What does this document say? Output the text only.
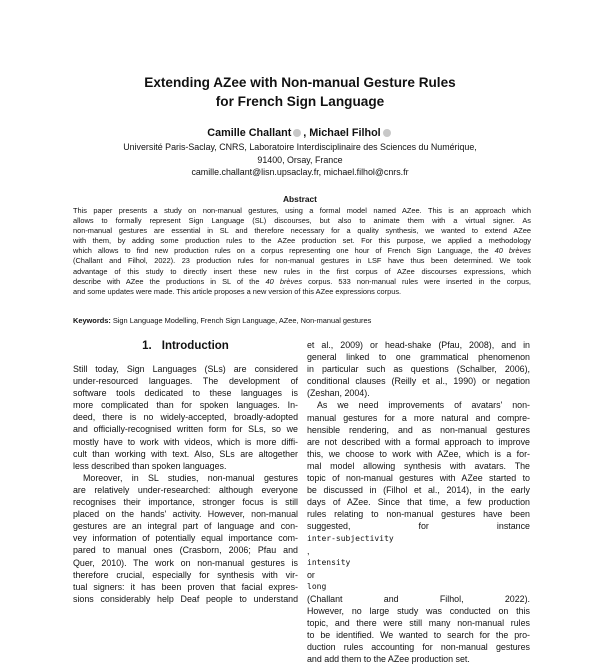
Extending AZee with Non-manual Gesture Rules
for French Sign Language
Camille Challant , Michael Filhol
Université Paris-Saclay, CNRS, Laboratoire Interdisciplinaire des Sciences du Numérique,
91400, Orsay, France
camille.challant@lisn.upsaclay.fr, michael.filhol@cnrs.fr
Abstract
This paper presents a study on non-manual gestures, using a formal model named AZee. This is an approach which
allows to formally represent Sign Language (SL) discourses, but also to animate them with a virtual signer. As
non-manual gestures are essential in SL and therefore necessary for a quality synthesis, we wanted to extend AZee
with them, by adding some production rules to the AZee production set. For this purpose, we applied a methodology
which allows to find new production rules on a corpus representing one hour of French Sign Language, the 40 brèves
(Challant and Filhol, 2022). 23 production rules for non-manual gestures in LSF have thus been determined. We took
advantage of this study to directly insert these new rules in the first corpus of AZee discourses expressions, which
describe with AZee the productions in SL of the 40 brèves corpus. 533 non-manual rules were inserted in the corpus,
and some updates were made. This article proposes a new version of this AZee expressions corpus.
Keywords: Sign Language Modelling, French Sign Language, AZee, Non-manual gestures
1. Introduction
Still today, Sign Languages (SLs) are considered
under-resourced languages. The development of
software tools dedicated to these languages is
more complicated than for spoken languages. In-
deed, there is no widely-accepted, broadly-adopted
and officially-recognised written form for SLs, so we
mostly have to work with videos, which is more diffi-
cult than working with text. Also, SLs are altogether
less described than spoken languages.
Moreover, in SL studies, non-manual gestures
are relatively under-researched: although everyone
recognises their importance, stronger focus is still
placed on the hands' activity. However, non-manual
gestures are an integral part of language and con-
vey information of potentially equal importance com-
pared to manual ones (Crasborn, 2006; Pfau and
Quer, 2010). The work on non-manual gestures is
therefore crucial, especially for synthesis with vir-
tual signers: it has been proven that facial expres-
sions considerably help Deaf people to understand
et al., 2009) or head-shake (Pfau, 2008), and in
general linked to one grammatical phenomenon
in particular such as questions (Schalber, 2006),
conditional clauses (Reilly et al., 1990) or negation
(Zeshan, 2004).
As we need improvements of avatars' non-
manual gestures for a more natural and compre-
hensible rendering, and as non-manual gestures
are not described with a formal approach to improve
this, we choose to work with AZee, which is a for-
mal model allowing synthesis with avatars. The
topic of non-manual gestures with AZee started to
be discussed in (Filhol et al., 2014), in the early
days of AZee. Since that time, a few production
rules relating to non-manual gestures have been
suggested, for instance
inter-subjectivity
,
intensity
or
long
(Challant and Filhol, 2022).
However, no large study was conducted on this
topic, and there were still many non-manual rules
to be identified. We wanted to search for the pro-
duction rules accounting for non-manual gestures
and add them to the AZee production set.
